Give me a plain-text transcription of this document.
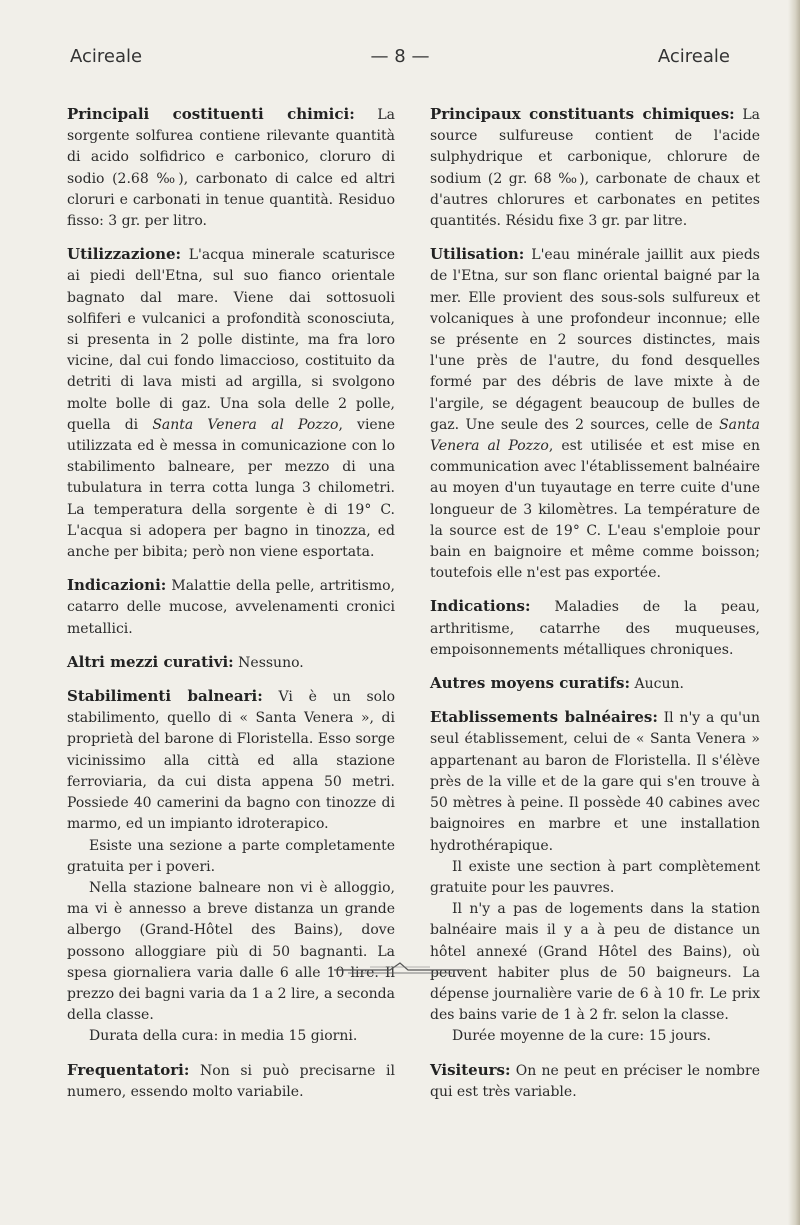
Acireale	— 8 —	Acireale

Principali costituenti chimici: La sorgente solfurea contiene rilevante quantità di acido solfidrico e carbonico, cloruro di sodio (2.68 ‰), carbonato di calce ed altri cloruri e carbonati in tenue quantità. Residuo fisso: 3 gr. per litro.

Utilizzazione: L'acqua minerale scaturisce ai piedi dell'Etna, sul suo fianco orientale bagnato dal mare. Viene dai sottosuoli solfiferi e vulcanici a profondità sconosciuta, si presenta in 2 polle distinte, ma fra loro vicine, dal cui fondo limaccioso, costituito da detriti di lava misti ad argilla, si svolgono molte bolle di gaz. Una sola delle 2 polle, quella di Santa Venera al Pozzo, viene utilizzata ed è messa in comunicazione con lo stabilimento balneare, per mezzo di una tubulatura in terra cotta lunga 3 chilometri. La temperatura della sorgente è di 19° C. L'acqua si adopera per bagno in tinozza, ed anche per bibita; però non viene esportata.

Indicazioni: Malattie della pelle, artritismo, catarro delle mucose, avvelenamenti cronici metallici.

Altri mezzi curativi: Nessuno.

Stabilimenti balneari: Vi è un solo stabilimento, quello di « Santa Venera », di proprietà del barone di Floristella. Esso sorge vicinissimo alla città ed alla stazione ferroviaria, da cui dista appena 50 metri. Possiede 40 camerini da bagno con tinozze di marmo, ed un impianto idroterapico.

Esiste una sezione a parte completamente gratuita per i poveri.

Nella stazione balneare non vi è alloggio, ma vi è annesso a breve distanza un grande albergo (Grand-Hôtel des Bains), dove possono alloggiare più di 50 bagnanti. La spesa giornaliera varia dalle 6 alle 10 lire. Il prezzo dei bagni varia da 1 a 2 lire, a seconda della classe.

Durata della cura: in media 15 giorni.

Frequentatori: Non si può precisarne il numero, essendo molto variabile.

Principaux constituants chimiques: La source sulfureuse contient de l'acide sulphydrique et carbonique, chlorure de sodium (2 gr. 68 ‰), carbonate de chaux et d'autres chlorures et carbonates en petites quantités. Résidu fixe 3 gr. par litre.

Utilisation: L'eau minérale jaillit aux pieds de l'Etna, sur son flanc oriental baigné par la mer. Elle provient des sous-sols sulfureux et volcaniques à une profondeur inconnue; elle se présente en 2 sources distinctes, mais l'une près de l'autre, du fond desquelles formé par des débris de lave mixte à de l'argile, se dégagent beaucoup de bulles de gaz. Une seule des 2 sources, celle de Santa Venera al Pozzo, est utilisée et est mise en communication avec l'établissement balnéaire au moyen d'un tuyautage en terre cuite d'une longueur de 3 kilomètres. La température de la source est de 19° C. L'eau s'emploie pour bain en baignoire et même comme boisson; toutefois elle n'est pas exportée.

Indications: Maladies de la peau, arthritisme, catarrhe des muqueuses, empoisonnements métalliques chroniques.

Autres moyens curatifs: Aucun.

Etablissements balnéaires: Il n'y a qu'un seul établissement, celui de « Santa Venera » appartenant au baron de Floristella. Il s'élève près de la ville et de la gare qui s'en trouve à 50 mètres à peine. Il possède 40 cabines avec baignoires en marbre et une installation hydrothérapique.

Il existe une section à part complètement gratuite pour les pauvres.

Il n'y a pas de logements dans la station balnéaire mais il y a à peu de distance un hôtel annexé (Grand Hôtel des Bains), où peuvent habiter plus de 50 baigneurs. La dépense journalière varie de 6 à 10 fr. Le prix des bains varie de 1 à 2 fr. selon la classe.

Durée moyenne de la cure: 15 jours.

Visiteurs: On ne peut en préciser le nombre qui est très variable.
